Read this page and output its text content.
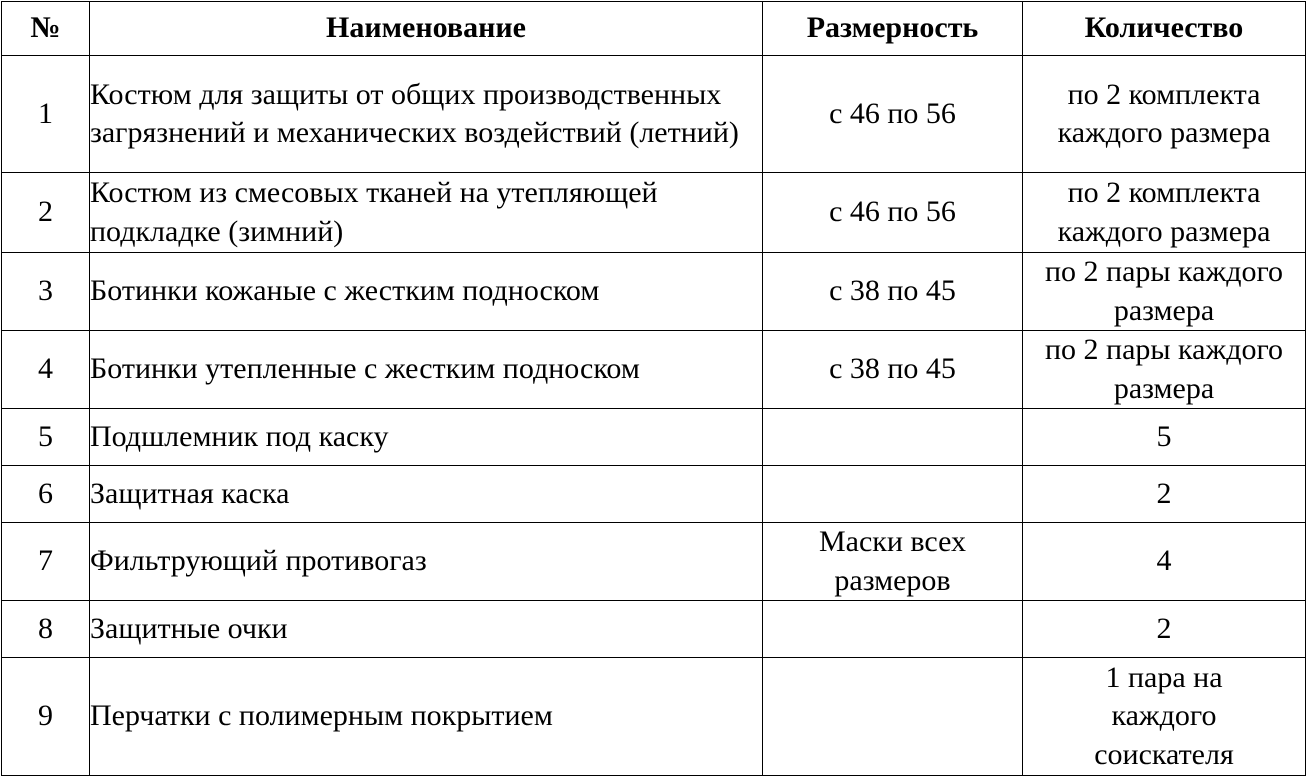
№	Наименование	Размерность	Количество
1	Костюм для защиты от общих производственных загрязнений и механических воздействий (летний)	с 46 по 56	по 2 комплекта каждого размера
2	Костюм из смесовых тканей на утепляющей подкладке (зимний)	с 46 по 56	по 2 комплекта каждого размера
3	Ботинки кожаные с жестким подноском	с 38 по 45	по 2 пары каждого размера
4	Ботинки утепленные с жестким подноском	с 38 по 45	по 2 пары каждого размера
5	Подшлемник под каску		5
6	Защитная каска		2
7	Фильтрующий противогаз	Маски всех размеров	4
8	Защитные очки		2
9	Перчатки с полимерным покрытием		1 пара на каждого соискателя
